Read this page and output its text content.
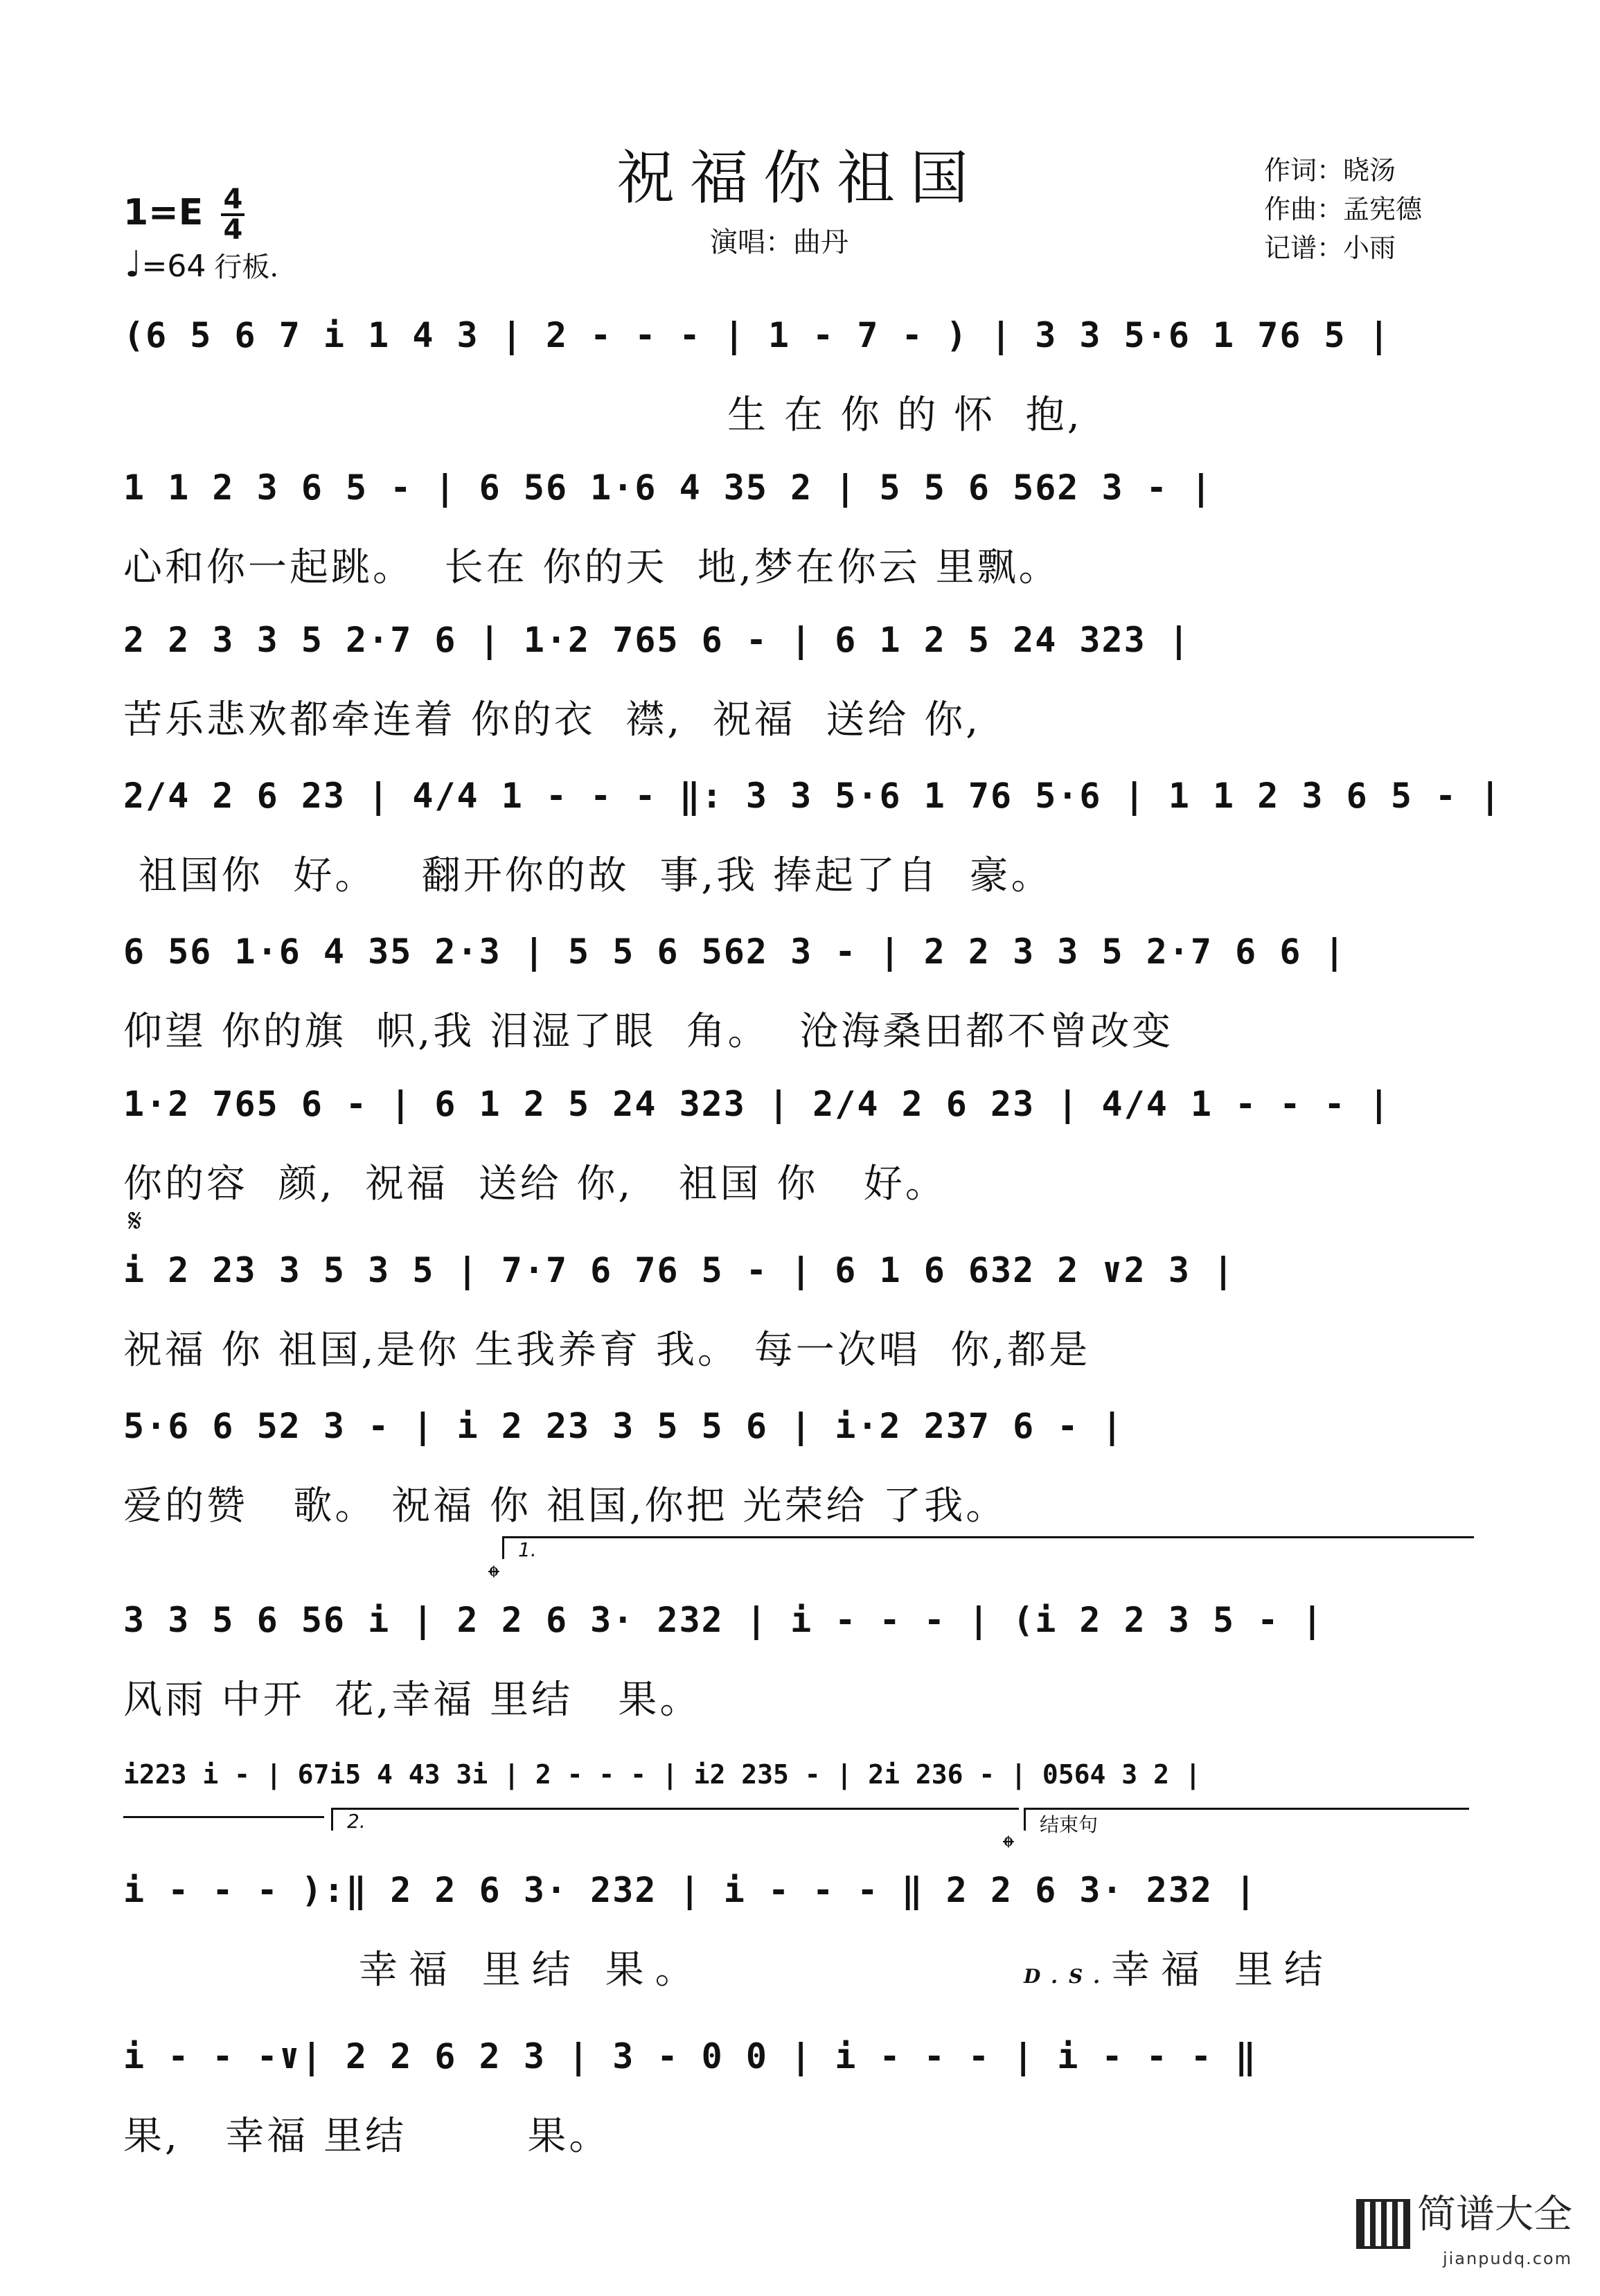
祝福你祖国	作词：晓汤
作曲：孟宪德
记谱：小雨
演唱：曲丹
$1=E \frac{4}{4}$
♩=64 行板.
(6 5 6 7 i 1 4 3 | 2 - - - | 1 - 7 - ) | 3 3 5·6 1 76 5 |
生 在 你 的 怀  抱,
1 1 2 3 6 5 - | 6 56 1·6 4 35 2 | 5 5 6 562 3 - |
心和你一起跳。  长在 你的天  地,梦在你云 里飘。
2 2 3 3 5 2·7 6 | 1·2 765 6 - | 6 1 2 5 24 323 |
苦乐悲欢都牵连着 你的衣  襟,  祝福  送给 你,
2/4 2 6 23 | 4/4 1 - - - ‖: 3 3 5·6 1 76 5·6 | 1 1 2 3 6 5 - |
祖国你  好。   翻开你的故  事,我 捧起了自  豪。
6 56 1·6 4 35 2·3 | 5 5 6 562 3 - | 2 2 3 3 5 2·7 6 6 |
仰望 你的旗  帜,我 泪湿了眼  角。  沧海桑田都不曾改变
1·2 765 6 - | 6 1 2 5 24 323 | 2/4 2 6 23 | 4/4 1 - - - |
你的容  颜,  祝福  送给 你,   祖国 你   好。
𝄋
i 2 23 3 5 3 5 | 7·7 6 76 5 - | 6 1 6 632 2 ∨2 3 |
祝福 你 祖国,是你 生我养育 我。 每一次唱  你,都是
5·6 6 52 3 - | i 2 23 3 5 5 6 | i·2 237 6 - |
爱的赞   歌。 祝福 你 祖国,你把 光荣给 了我。
1.
𝄌
3 3 5 6 56 i | 2 2 6 3· 232 | i - - - | (i 2 2 3 5 - |
风雨 中开  花,幸福 里结   果。
i223 i - | 67i5 4 43 3i | 2 - - - | i2 235 - | 2i 236 - | 0564 3 2 |
2.	结束句
𝄌
i - - - ):‖ 2 2 6 3· 232 | i - - - ‖ 2 2 6 3· 232 |

幸福 里结 果。

	D.S.幸福 里结

i - - -∨| 2 2 6 2 3 | 3 - 0 0 | i - - - | i - - - ‖
果,   幸福 里结        果。
简谱大全
jianpudq.com
